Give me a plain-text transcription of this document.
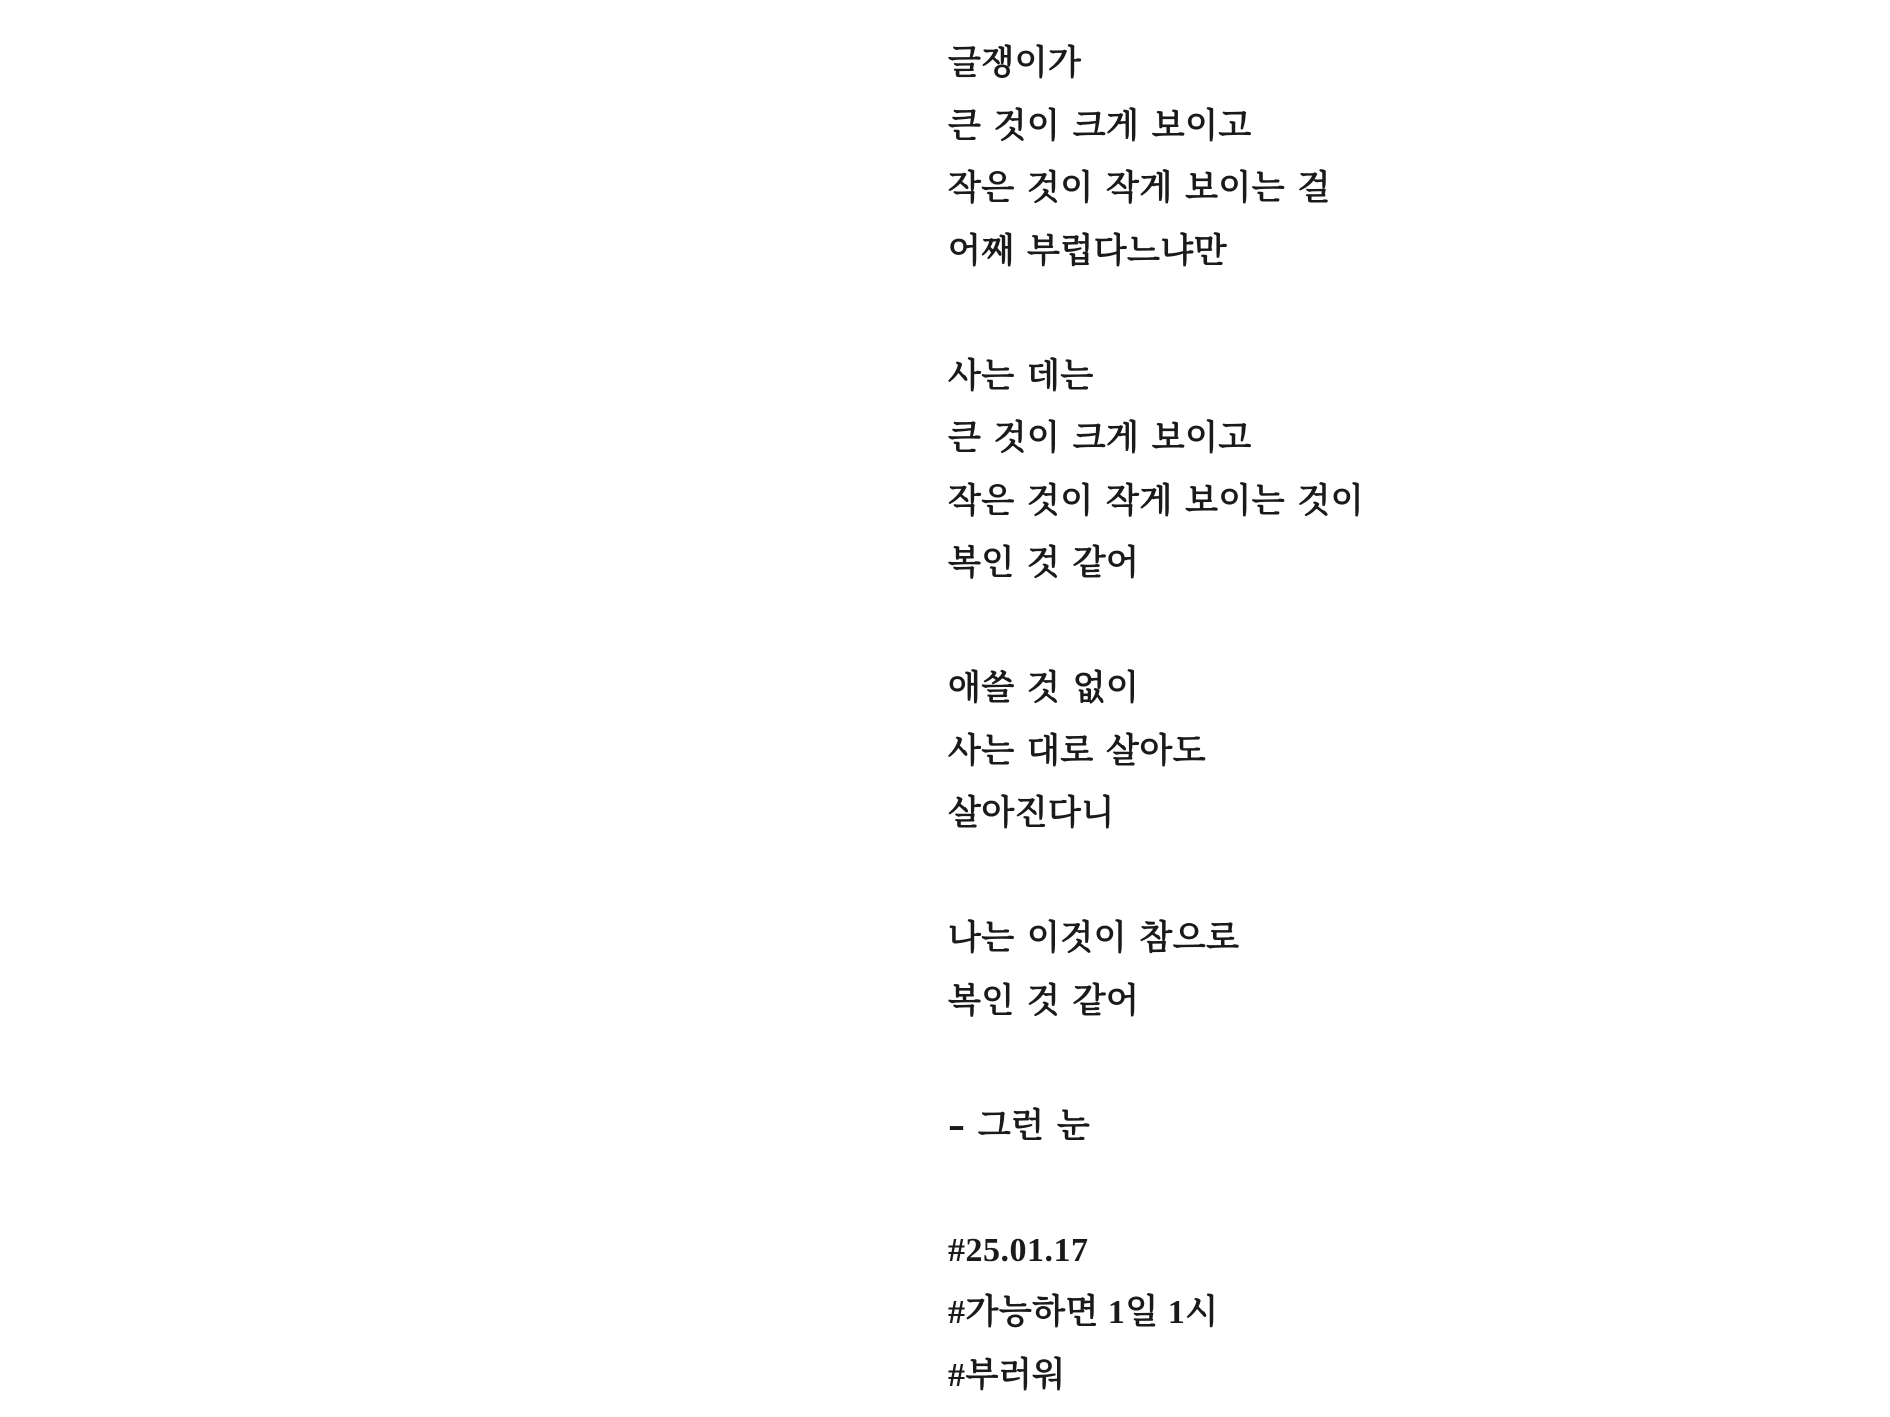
글쟁이가
큰 것이 크게 보이고
작은 것이 작게 보이는 걸
어째 부럽다느냐만
사는 데는
큰 것이 크게 보이고
작은 것이 작게 보이는 것이
복인 것 같어
애쓸 것 없이
사는 대로 살아도
살아진다니
나는 이것이 참으로
복인 것 같어
– 그런 눈
#25.01.17
#가능하면 1일 1시
#부러워
